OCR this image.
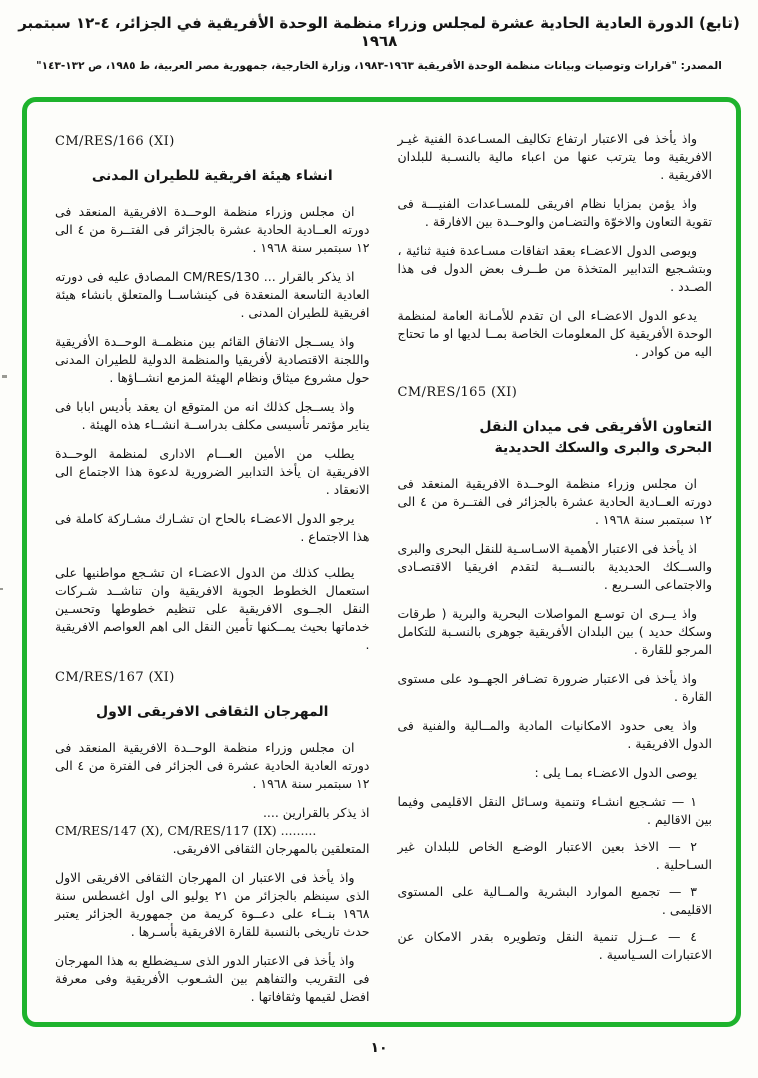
(تابع) الدورة العادية الحادية عشرة لمجلس وزراء منظمة الوحدة الأفريقية في الجزائر، ٤-١٢ سبتمبر ١٩٦٨
المصدر: "قرارات وتوصيات وبيانات منظمة الوحدة الأفريقية ١٩٦٣-١٩٨٣، وزارة الخارجية، جمهورية مصر العربية، ط ١٩٨٥، ص ١٣٢-١٤٣"
CM/RES/166 (XI)
انشاء هيئة افريقية للطيران المدنى
ان مجلس وزراء منظمة الوحــدة الافريقية المنعقد فى دورته العــادية الحادية عشرة بالجزائر فى الفتــرة من ٤ الى ١٢ سبتمبر سنة ١٩٦٨ .
اذ يذكر بالقرار ... CM/RES/130 المصادق عليه فى دورته العادية التاسعة المنعقدة فى كينشاســا والمتعلق بانشاء هيئة افريقية للطيران المدنى .
واذ يســجل الاتفاق القائم بين منظمــة الوحــدة الأفريقية واللجنة الاقتصادية لأفريقيا والمنظمة الدولية للطيران المدنى حول مشروع ميثاق ونظام الهيئة المزمع انشــاؤها .
واذ يســجل كذلك انه من المتوقع ان يعقد بأديس ابابا فى يناير مؤتمر تأسيسى مكلف بدراســة انشــاء هذه الهيئة .
يطلب من الأمين العـــام الادارى لمنظمة الوحــدة الافريقية ان يأخذ التدابير الضرورية لدعوة هذا الاجتماع الى الانعقاد .
يرجو الدول الاعضـاء بالحاح ان تشـارك مشـاركة كاملة فى هذا الاجتماع .
يطلب كذلك من الدول الاعضـاء ان تشـجع مواطنيها على استعمال الخطوط الجوية الافريقية وان تناشــد شـركات النقل الجــوى الافريقية على تنظيم خطوطها وتحسـين خدماتها بحيث يمــكنها تأمين النقل الى اهم العواصم الافريقية .
CM/RES/167 (XI)
المهرجان الثقافى الافريقى الاول
ان مجلس وزراء منظمة الوحــدة الافريقية المنعقد فى دورته العادية الحادية عشرة فى الجزائر فى الفترة من ٤ الى ١٢ سبتمبر سنة ١٩٦٨ .
اذ يذكر بالقرارين ....
CM/RES/147 (X), CM/RES/117 (IX) .........
المتعلقين بالمهرجان الثقافى الافريقى.
واذ يأخذ فى الاعتبار ان المهرجان الثقافى الافريقى الاول الذى سينظم بالجزائر من ٢١ يوليو الى اول اغسطس سنة ١٩٦٨ بنــاء على دعــوة كريمة من جمهورية الجزائر يعتبر حدث تاريخى بالنسبة للقارة الافريقية بأسـرها .
واذ يأخذ فى الاعتبار الدور الذى سـيضطلع به هذا المهرجان فى التقريب والتفاهم بين الشـعوب الأفريقية وفى معرفة افضل لقيمها وثقافاتها .
واذ يأخذ فى الاعتبار ارتفاع تكاليف المسـاعدة الفنية غيـر الافريقية وما يترتب عنها من اعباء مالية بالنسـبة للبلدان الافريقية .
واذ يؤمن بمزايا نظام افريقى للمسـاعدات الفنيـــة فى تقوية التعاون والاخوّة والتضـامن والوحــدة بين الافارقة .
ويوصى الدول الاعضـاء بعقد اتفاقات مسـاعدة فنية ثنائية ، وبتشـجيع التدابير المتخذة من طــرف بعض الدول فى هذا الصـدد .
يدعو الدول الاعضـاء الى ان تقدم للأمـانة العامة لمنظمة الوحدة الأفريقية كل المعلومات الخاصة بمــا لديها او ما تحتاج اليه من كوادر .
CM/RES/165 (XI)
التعاون الأفريقى فى ميدان النقل
البحرى والبرى والسكك الحديدية
ان مجلس وزراء منظمة الوحــدة الافريقية المنعقد فى دورته العــادية الحادية عشرة بالجزائر فى الفتــرة من ٤ الى ١٢ سبتمبر سنة ١٩٦٨ .
اذ يأخذ فى الاعتبار الأهمية الاسـاسـية للنقل البحرى والبرى والســكك الحديدية بالنســبة لتقدم افريقيا الاقتصـادى والاجتماعى السـريع .
واذ يــرى ان توسـع المواصلات البحرية والبرية ( طرقات وسكك حديد ) بين البلدان الأفريقية جوهرى بالنسـبة للتكامل المرجو للقارة .
واذ يأخذ فى الاعتبار ضرورة تضـافر الجهــود على مستوى القارة .
واذ يعى حدود الامكانيات المادية والمــالية والفنية فى الدول الافريقية .
يوصى الدول الاعضـاء بمـا يلى :
١ — تشـجيع انشـاء وتنمية وسـائل النقل الاقليمى وفيما بين الاقاليم .
٢ — الاخذ بعين الاعتبار الوضـع الخاص للبلدان غير السـاحلية .
٣ — تجميع الموارد البشرية والمــالية على المستوى الاقليمى .
٤ — عــزل تنمية النقل وتطويره بقدر الامكان عن الاعتبارات السـياسية .
١٠
